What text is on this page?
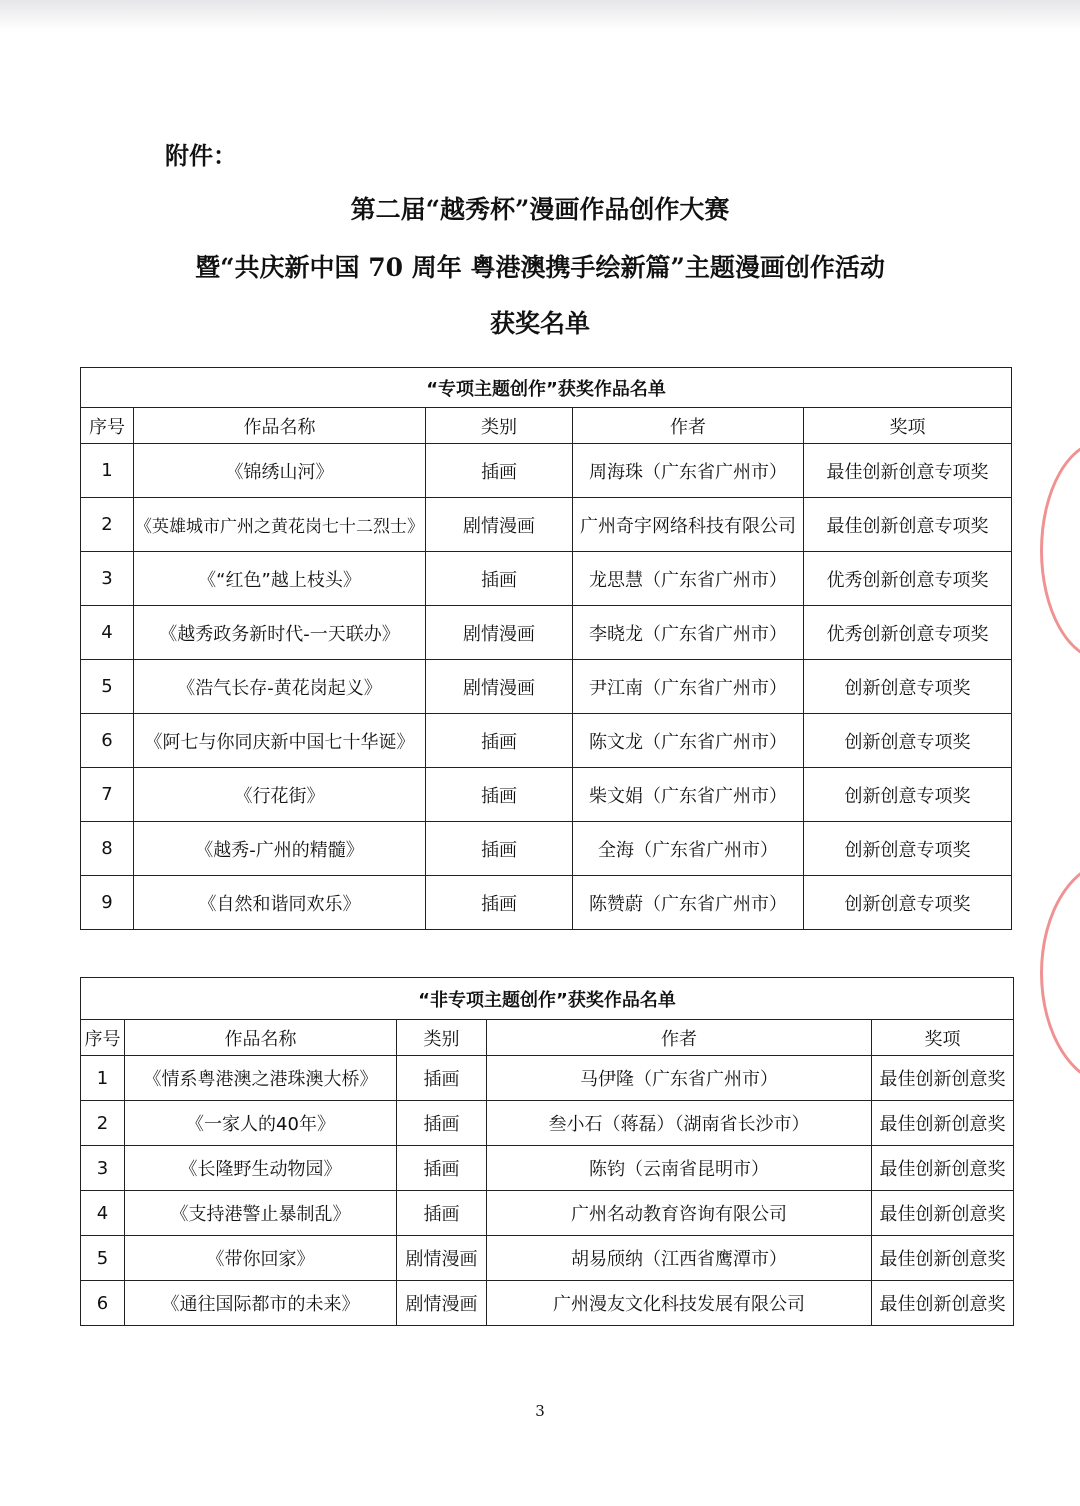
附件：
第二届“越秀杯”漫画作品创作大赛
暨“共庆新中国 70 周年 粤港澳携手绘新篇”主题漫画创作活动
获奖名单
“专项主题创作”获奖作品名单				
序号	作品名称	类别	作者	奖项
1	《锦绣山河》	插画	周海珠（广东省广州市）	最佳创新创意专项奖
2	《英雄城市广州之黄花岗七十二烈士》	剧情漫画	广州奇宇网络科技有限公司	最佳创新创意专项奖
3	《“红色”越上枝头》	插画	龙思慧（广东省广州市）	优秀创新创意专项奖
4	《越秀政务新时代-一天联办》	剧情漫画	李晓龙（广东省广州市）	优秀创新创意专项奖
5	《浩气长存-黄花岗起义》	剧情漫画	尹江南（广东省广州市）	创新创意专项奖
6	《阿七与你同庆新中国七十华诞》	插画	陈文龙（广东省广州市）	创新创意专项奖
7	《行花街》	插画	柴文娟（广东省广州市）	创新创意专项奖
8	《越秀-广州的精髓》	插画	全海（广东省广州市）	创新创意专项奖
9	《自然和谐同欢乐》	插画	陈赞蔚（广东省广州市）	创新创意专项奖
“非专项主题创作”获奖作品名单				
序号	作品名称	类别	作者	奖项
1	《情系粤港澳之港珠澳大桥》	插画	马伊隆（广东省广州市）	最佳创新创意奖
2	《一家人的40年》	插画	叁小石（蒋磊）（湖南省长沙市）	最佳创新创意奖
3	《长隆野生动物园》	插画	陈钧（云南省昆明市）	最佳创新创意奖
4	《支持港警止暴制乱》	插画	广州名动教育咨询有限公司	最佳创新创意奖
5	《带你回家》	剧情漫画	胡易颀纳（江西省鹰潭市）	最佳创新创意奖
6	《通往国际都市的未来》	剧情漫画	广州漫友文化科技发展有限公司	最佳创新创意奖
3
